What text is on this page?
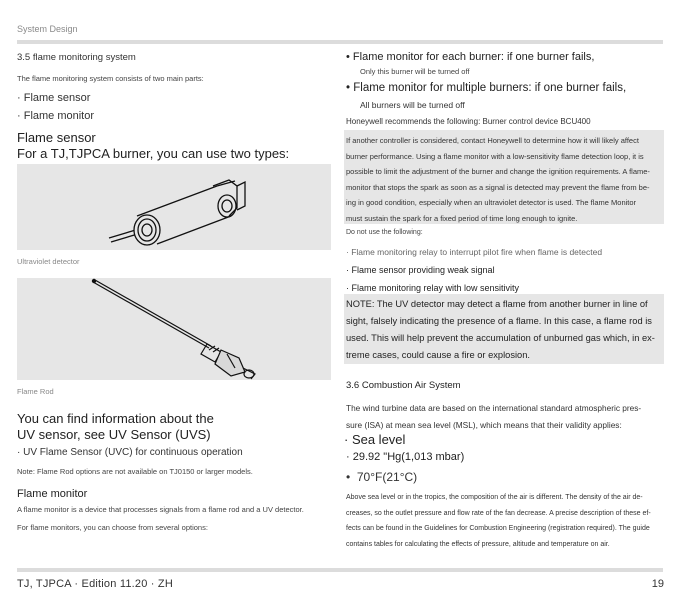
System Design
3.5 flame monitoring system
The flame monitoring system consists of two main parts:
· Flame sensor
· Flame monitor
Flame sensor
For a TJ,TJPCA burner, you can use two types:
Ultraviolet detector
Flame Rod
You can find information about the
UV sensor, see UV Sensor (UVS)
· UV Flame Sensor (UVC) for continuous operation
Note: Flame Rod options are not available on TJ0150 or larger models.
Flame monitor
A flame monitor is a device that processes signals from a flame rod and a UV detector.
For flame monitors, you can choose from several options:
• Flame monitor for each burner: if one burner fails,
Only this burner will be turned off
• Flame monitor for multiple burners: if one burner fails,
All burners will be turned off
Honeywell recommends the following: Burner control device BCU400
If another controller is considered, contact Honeywell to determine how it will likely affect
burner performance. Using a flame monitor with a low-sensitivity flame detection loop, it is
possible to limit the adjustment of the burner and change the ignition requirements. A flame-
monitor that stops the spark as soon as a signal is detected may prevent the flame from be-
ing in good condition, especially when an ultraviolet detector is used. The flame Monitor
must sustain the spark for a fixed period of time long enough to ignite.
Do not use the following:
· Flame monitoring relay to interrupt pilot fire when flame is detected
· Flame sensor providing weak signal
· Flame monitoring relay with low sensitivity
NOTE: The UV detector may detect a flame from another burner in line of
sight, falsely indicating the presence of a flame. In this case, a flame rod is
used. This will help prevent the accumulation of unburned gas which, in ex-
treme cases, could cause a fire or explosion.
3.6 Combustion Air System
The wind turbine data are based on the international standard atmospheric pres-
sure (ISA) at mean sea level (MSL), which means that their validity applies:
· Sea level
· 29.92 "Hg(1,013 mbar)
•  70°F(21°C)
Above sea level or in the tropics, the composition of the air is different. The density of the air de-
creases, so the outlet pressure and flow rate of the fan decrease. A precise description of these ef-
fects can be found in the Guidelines for Combustion Engineering (registration required). The guide
contains tables for calculating the effects of pressure, altitude and temperature on air.
TJ, TJPCA · Edition 11.20 · ZH	19
